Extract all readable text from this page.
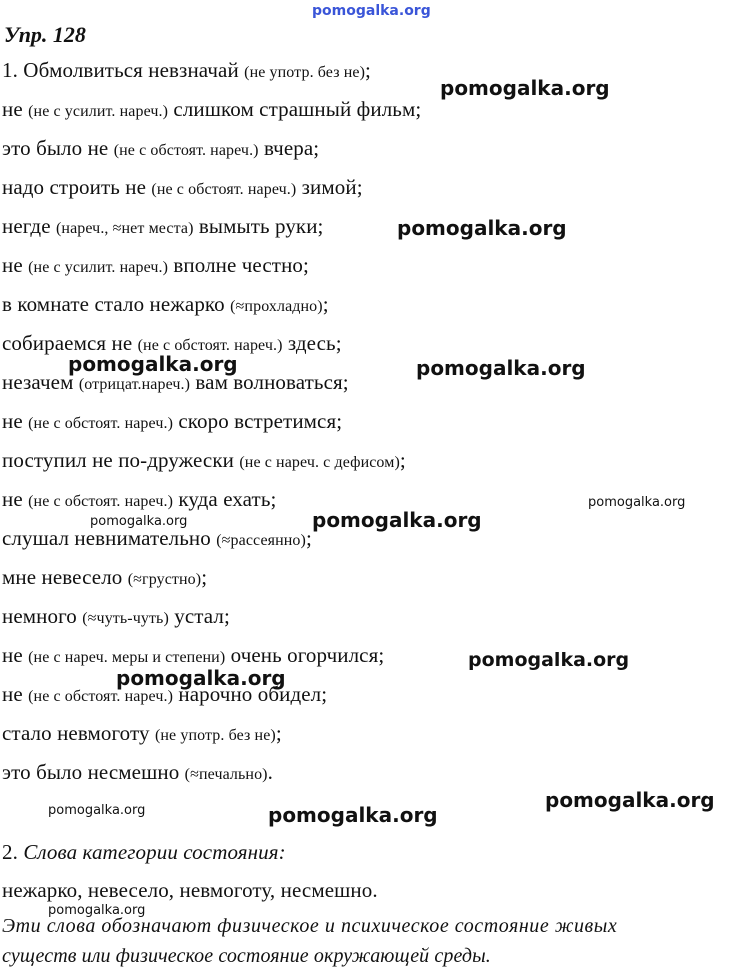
pomogalka.org
Упр. 128
1. Обмолвиться невзначай (не употр. без не);
не (не с усилит. нареч.) слишком страшный фильм;
это было не (не с обстоят. нареч.) вчера;
надо строить не (не с обстоят. нареч.) зимой;
негде (нареч., ≈нет места) вымыть руки;
не (не с усилит. нареч.) вполне честно;
в комнате стало нежарко (≈прохладно);
собираемся не (не с обстоят. нареч.) здесь;
незачем (отрицат.нареч.) вам волноваться;
не (не с обстоят. нареч.) скоро встретимся;
поступил не по-дружески (не с нареч. с дефисом);
не (не с обстоят. нареч.) куда ехать;
слушал невнимательно (≈рассеянно);
мне невесело (≈грустно);
немного (≈чуть-чуть) устал;
не (не с нареч. меры и степени) очень огорчился;
не (не с обстоят. нареч.) нарочно обидел;
стало невмоготу (не употр. без не);
это было несмешно (≈печально).
2. Слова категории состояния:
нежарко, невесело, невмоготу, несмешно.
Эти слова обозначают физическое и психическое состояние живых
существ или физическое состояние окружающей среды.
pomogalka.org
pomogalka.org
pomogalka.org	pomogalka.org
pomogalka.org
pomogalka.org	pomogalka.org
pomogalka.org
pomogalka.org
pomogalka.org
pomogalka.org	pomogalka.org
pomogalka.org
